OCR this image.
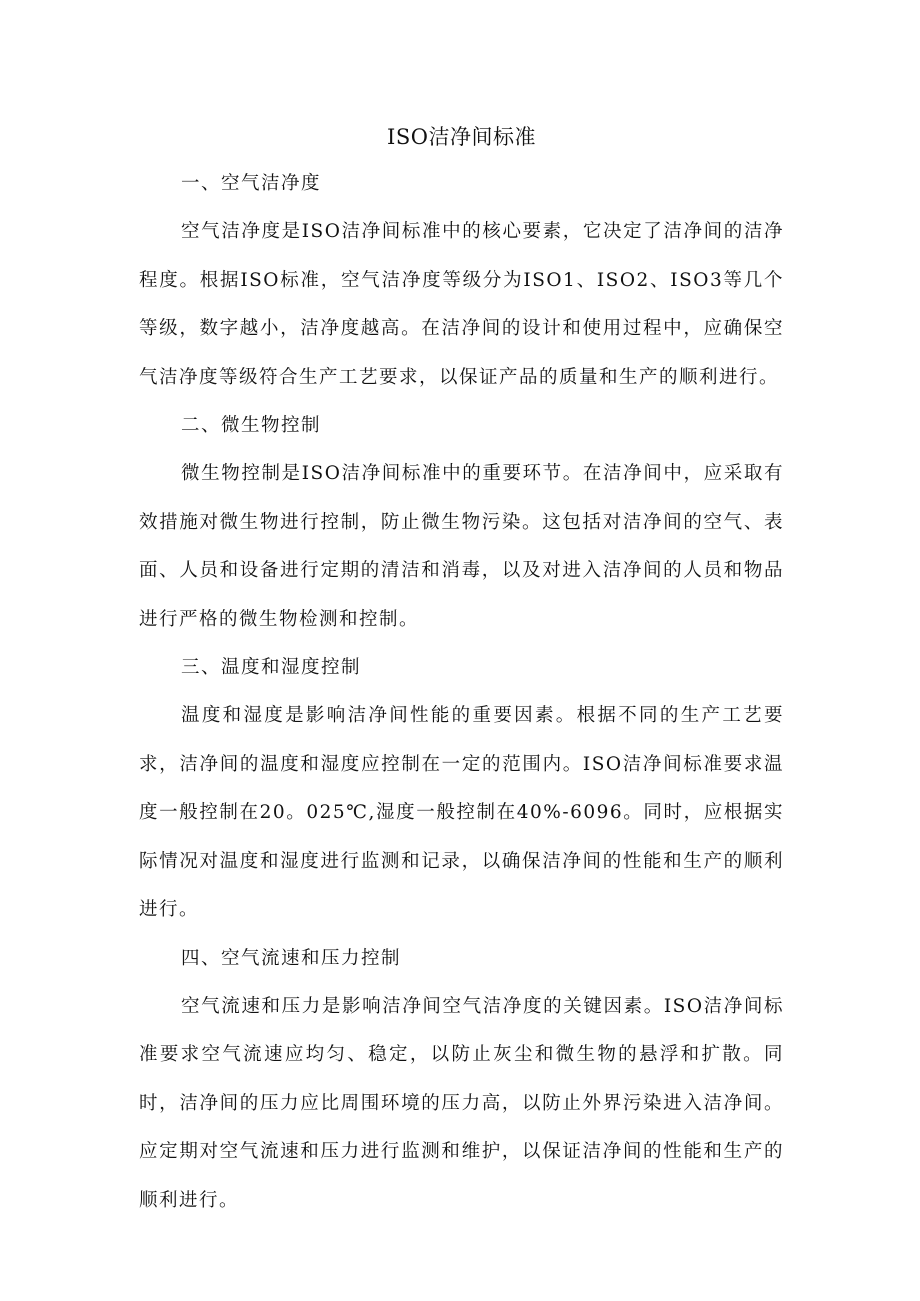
ISO洁净间标准
一、空气洁净度

空气洁净度是ISO洁净间标准中的核心要素，它决定了洁净间的洁净程度。根据ISO标准，空气洁净度等级分为ISO1、ISO2、ISO3等几个等级，数字越小，洁净度越高。在洁净间的设计和使用过程中，应确保空气洁净度等级符合生产工艺要求，以保证产品的质量和生产的顺利进行。

二、微生物控制

微生物控制是ISO洁净间标准中的重要环节。在洁净间中，应采取有效措施对微生物进行控制，防止微生物污染。这包括对洁净间的空气、表面、人员和设备进行定期的清洁和消毒，以及对进入洁净间的人员和物品进行严格的微生物检测和控制。

三、温度和湿度控制

温度和湿度是影响洁净间性能的重要因素。根据不同的生产工艺要求，洁净间的温度和湿度应控制在一定的范围内。ISO洁净间标准要求温度一般控制在20。025℃,湿度一般控制在40%-6096。同时，应根据实际情况对温度和湿度进行监测和记录，以确保洁净间的性能和生产的顺利进行。

四、空气流速和压力控制

空气流速和压力是影响洁净间空气洁净度的关键因素。ISO洁净间标准要求空气流速应均匀、稳定，以防止灰尘和微生物的悬浮和扩散。同时，洁净间的压力应比周围环境的压力高，以防止外界污染进入洁净间。应定期对空气流速和压力进行监测和维护，以保证洁净间的性能和生产的顺利进行。
